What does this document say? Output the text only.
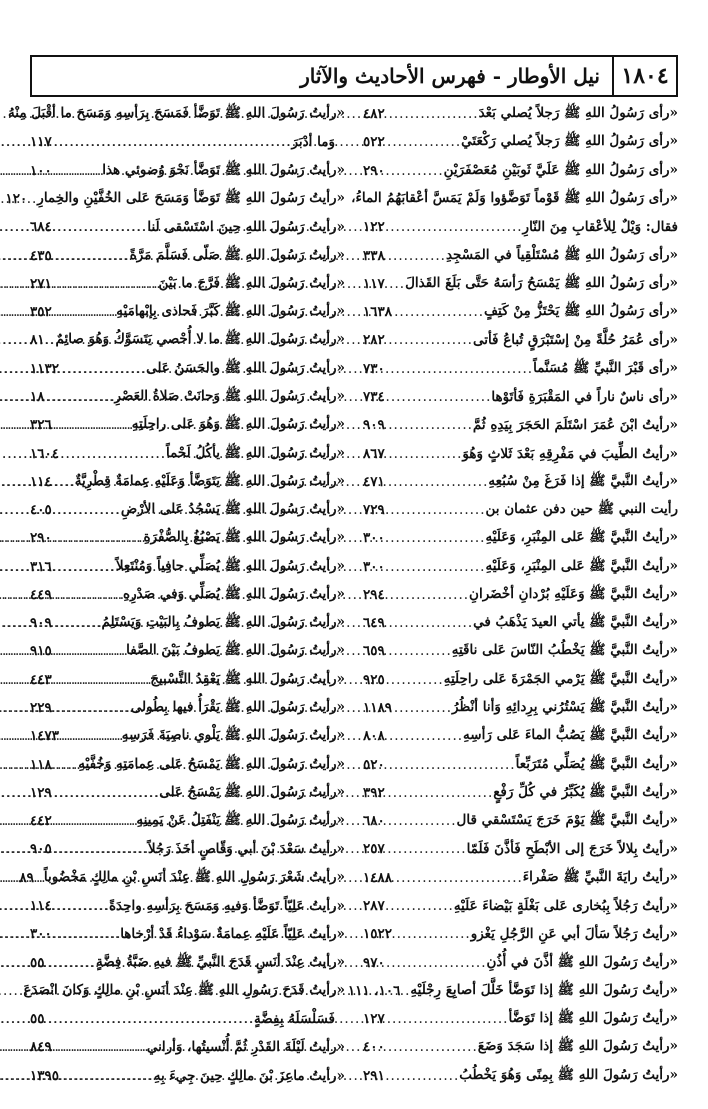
١٨٠٤
نيل الأوطار - فهرس الأحاديث والآثار
«رأى رَسُولُ اللهِ ﷺ رَجلاً يُصلي بَعْدَ
.....
٤٨٢
«رأى رَسُولُ اللهِ ﷺ رَجلاً يُصلي رَكْعَتَيْ
.....
٥٢٢
«رأى رَسُولُ اللهِ ﷺ عَلَيَّ ثَوبَيْنِ مُعَصْفَرَيْنِ
.....
٢٩٠
«رأى رَسُولُ اللهِ ﷺ قَوْماً تَوَضَّؤوا وَلَمْ يَمَسَّ أعْقابَهُمُ الماءُ،
فقال: وَيْلٌ لِلأعْقابِ مِنَ النّارِ
.....
١٢٢
«رأى رَسُولُ اللهِ ﷺ مُسْتَلْقِياً في المَسْجِدِ
.....
٣٣٨
«رأى رَسُولُ اللهِ ﷺ يَمْسَحُ رَأسَهُ حَتَّى بَلَغَ القَذالَ
.....
١١٧
«رأى رَسُولُ اللهِ ﷺ يَحْتَزُّ مِنْ كَتِفٍ
.....
١٦٣٨
«رأى عُمَرُ حُلَّةً مِنْ إسْتَبْرَقٍ تُباعُ فَأتى
.....
٢٨٢
«رأى قَبْرَ النَّبيِّ ﷺ مُسَنَّماً
.....
٧٣٠
«رأى ناسٌ ناراً في المَقْبَرَةِ فَأتَوْها
.....
٧٣٤
«رأيتُ ابْنَ عُمَرَ اسْتَلَمَ الحَجَرَ بِيَدِهِ ثُمَّ
.....
٩٠٩
«رأيتُ الطِّيبَ في مَفْرِقِهِ بَعْدَ ثَلاثٍ وَهُوَ
.....
٨٦٧
«رأيتُ النَّبيَّ ﷺ إذا فَرَغَ مِنْ سُبُعِهِ
.....
٤٧١
رأيت النبي ﷺ حين دفن عثمان بن
.....
٧٢٩
«رأيتُ النَّبيَّ ﷺ عَلى المِنْبَرِ، وَعَلَيْهِ
.....
٣٠٠
«رأيتُ النَّبيَّ ﷺ عَلى المِنْبَرِ، وَعَلَيْهِ
.....
٣٠٠
«رأيتُ النَّبيَّ ﷺ وَعَلَيْهِ بُرْدانِ أخْضَرانِ
.....
٢٩٤
«رأيتُ النَّبيَّ ﷺ يأتي العيدَ يَذْهَبُ في
.....
٦٤٩
«رأيتُ النَّبيَّ ﷺ يَخْطُبُ النّاسَ عَلى ناقَتِهِ
.....
٦٥٩
«رأيتُ النَّبيَّ ﷺ يَرْمي الجَمْرَةَ عَلى راحِلَتِهِ
.....
٩٢٥
«رأيتُ النَّبيَّ ﷺ يَسْتُرُني بِرِدائِهِ وَأنا أنْظُرُ
.....
١١٨٩
«رأيتُ النَّبيَّ ﷺ يَصُبُّ الماءَ عَلى رَأسِهِ
.....
٨٠٨
«رأيتُ النَّبيَّ ﷺ يُصَلِّي مُتَرَبِّعاً
.....
٥٢٠
«رأيتُ النَّبيَّ ﷺ يُكَبِّرُ في كُلِّ رَفْعٍ
.....
٣٩٢
«رأيتُ النَّبيَّ ﷺ يَوْمَ خَرَجَ يَسْتَسْقي قال
.....
٦٨٠
«رأيتُ بِلالاً خَرَجَ إلى الأبْطَحِ فَأذَّنَ فَلَمّا
.....
٢٥٧
«رأيتُ رايَةَ النَّبيِّ ﷺ صَفْراءَ
.....
١٤٨٨
«رأيتُ رَجُلاً بِبُخارى عَلى بَغْلَةٍ بَيْضاءَ عَلَيْهِ
.....
٢٨٧
«رأيتُ رَجُلاً سَألَ أبي عَنِ الرَّجُلِ يَغْزو
.....
١٥٢٢
«رأيتُ رَسُولَ اللهِ ﷺ أذَّنَ في أُذُنِ
.....
٩٧٠
«رأيتُ رَسُولَ اللهِ ﷺ إذا تَوَضَّأ خَلَّلَ أصابِعَ رِجْلَيْهِ
.....
١٠٦، ١١١
«رأيتُ رَسُولَ اللهِ ﷺ إذا تَوَضَّأ
.....
١٢٧
«رأيتُ رَسُولَ اللهِ ﷺ إذا سَجَدَ وَضَعَ
.....
٤٠٠
«رأيتُ رَسُولَ اللهِ ﷺ بِمِنًى وَهُوَ يَخْطُبُ
.....
٢٩١
«رأيتُ رَسُولَ اللهِ ﷺ تَوَضَّأ فَمَسَحَ بِرَأسِهِ وَمَسَحَ ما أقْبَلَ مِنْهُ
وَما أدْبَرَ
.....
١١٧
«رأيتُ رَسُولَ اللهِ ﷺ تَوَضَّأ نَحْوَ وُضوئي هذا
.....
١٠٠
«رأيتُ رَسُولَ اللهِ ﷺ تَوَضَّأ وَمَسَحَ عَلى الخُفَّيْنِ والخِمارِ
.....
١٢٠
«رأيتُ رَسُولَ اللهِ حِينَ اسْتَسْقى لَنا
.....
٦٨٤
«رأيتُ رَسُولَ اللهِ ﷺ صَلّى فَسَلَّمَ مَرَّةً
.....
٤٣٥
«رأيتُ رَسُولَ اللهِ ﷺ فَرَّجَ ما بَيْنَ
.....
٢٧١
«رأيتُ رَسُولَ اللهِ ﷺ كَبَّرَ فَحاذى بِإبْهامَيْهِ
.....
٣٥٢
«رأيتُ رَسُولَ اللهِ ﷺ ما لا أُحْصي يَتَسَوَّكُ وَهُوَ صائِمٌ
.....
٨١
«رأيتُ رَسُولَ اللهِ ﷺ والحَسَنُ عَلى
.....
١١٣٢
«رأيتُ رَسُولَ اللهِ ﷺ وَحانَتْ صَلاةُ العَصْرِ
.....
١٨
«رأيتُ رَسُولَ اللهِ ﷺ وَهُوَ عَلى راحِلَتِهِ
.....
٣٢٦
«رأيتُ رَسُولَ اللهِ ﷺ يأكُلُ لَحْماً
.....
١٦٠٤
«رأيتُ رَسُولَ اللهِ ﷺ يَتَوَضَّأ وَعَلَيْهِ عِمامَةٌ قِطْرِيَّةٌ
.....
١١٤
«رأيتُ رَسُولَ اللهِ ﷺ يَسْجُدُ عَلى الأرْضِ
.....
٤٠٥
«رأيتُ رَسُولَ اللهِ ﷺ يَصْبُغُ بِالصُّفْرَةِ
.....
٢٩٠
«رأيتُ رَسُولَ اللهِ ﷺ يُصَلِّي حافِياً وَمُنْتَعِلاً
.....
٣١٦
«رأيتُ رَسُولَ اللهِ ﷺ يُصَلِّي وَفي صَدْرِهِ
.....
٤٤٩
«رأيتُ رَسُولَ اللهِ ﷺ يَطوفُ بِالبَيْتِ وَيَسْتَلِمُ
.....
٩٠٩
«رأيتُ رَسُولَ اللهِ ﷺ يَطوفُ بَيْنَ الصَّفا
.....
٩١٥
«رأيتُ رَسُولَ اللهِ ﷺ يَعْقِدُ التَّسْبيحَ
.....
٤٤٣
«رأيتُ رَسُولَ اللهِ ﷺ يَقْرَأُ فيها بِطُولى
.....
٢٢٩
«رأيتُ رَسُولَ اللهِ ﷺ يَلْوي ناصِيَةَ فَرَسِهِ
.....
١٤٧٣
«رأيتُ رَسُولَ اللهِ ﷺ يَمْسَحُ عَلى عِمامَتِهِ وَخُفَّيْهِ
.....
١١٨
«رأيتُ رَسُولَ اللهِ ﷺ يَمْسَحُ عَلى
.....
١٢٩
«رأيتُ رَسُولَ اللهِ ﷺ يَنْفَتِلُ عَنْ يَمِينِهِ
.....
٤٤٢
«رأيتُ سَعْدَ بْنَ أبي وَقّاصٍ أخَذَ رَجُلاً
.....
٩٠٥
«رأيتُ شَعْرَ رَسُولِ اللهِ ﷺ عِنْدَ أنَسِ بْنِ مالِكٍ مَخْضُوباً
.....
٨٩
«رأيتُ عَلِيّاً تَوَضَّأ وَفيهِ وَمَسَحَ بِرَأسِهِ واحِدَةً
.....
١١٤
«رأيتُ عَلِيّاً عَلَيْهِ عِمامَةٌ سَوْداءُ قَدْ أرْخاها
.....
٣٠٠
«رأيتُ عِنْدَ أنَسٍ قَدَحَ النَّبيِّ ﷺ فيهِ ضَبَّةُ فِضَّةٍ
.....
٥٥
«رأيتُ قَدَحَ رَسُولِ اللهِ ﷺ عِنْدَ أنَسِ بْنِ مالِكٍ وَكانَ انْصَدَعَ
فَسَلْسَلَهُ بِفِضَّةٍ
.....
٥٥
«رأيتُ لَيْلَةَ القَدْرِ ثُمَّ أُنْسيتُها، وَأراني
.....
٨٤٩
«رأيتُ ماعِزَ بْنَ مالِكٍ حِينَ جِيءَ بِهِ
.....
١٣٩٥
